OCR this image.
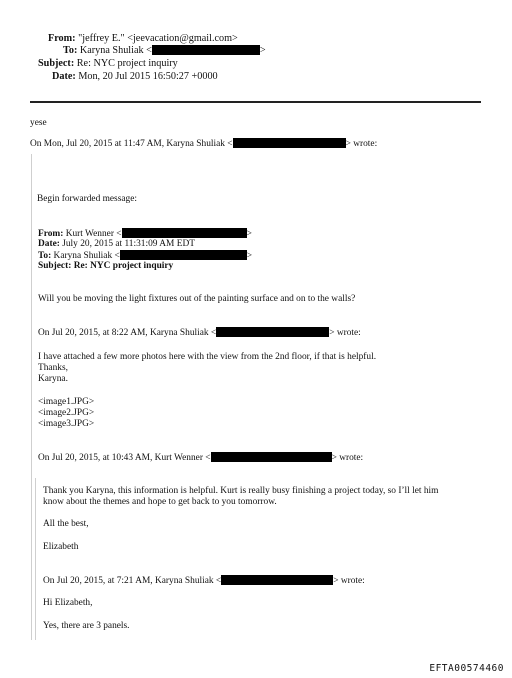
From: "jeffrey E." <jeevacation@gmail.com>
To: Karyna Shuliak <	>
Subject: Re: NYC project inquiry
Date: Mon, 20 Jul 2015 16:50:27 +0000
yese
On Mon, Jul 20, 2015 at 11:47 AM, Karyna Shuliak <	> wrote:
Begin forwarded message:
From: Kurt Wenner <	>
Date: July 20, 2015 at 11:31:09 AM EDT
To: Karyna Shuliak <	>
Subject: Re: NYC project inquiry
Will you be moving the light fixtures out of the painting surface and on to the walls?
On Jul 20, 2015, at 8:22 AM, Karyna Shuliak <	> wrote:
I have attached a few more photos here with the view from the 2nd floor, if that is helpful.
Thanks,
Karyna.
<image1.JPG>
<image2.JPG>
<image3.JPG>
On Jul 20, 2015, at 10:43 AM, Kurt Wenner <	> wrote:
Thank you Karyna, this information is helpful. Kurt is really busy finishing a project today, so I’ll let him
know about the themes and hope to get back to you tomorrow.
All the best,
Elizabeth
On Jul 20, 2015, at 7:21 AM, Karyna Shuliak <	> wrote:
Hi Elizabeth,
Yes, there are 3 panels.
EFTA00574460
